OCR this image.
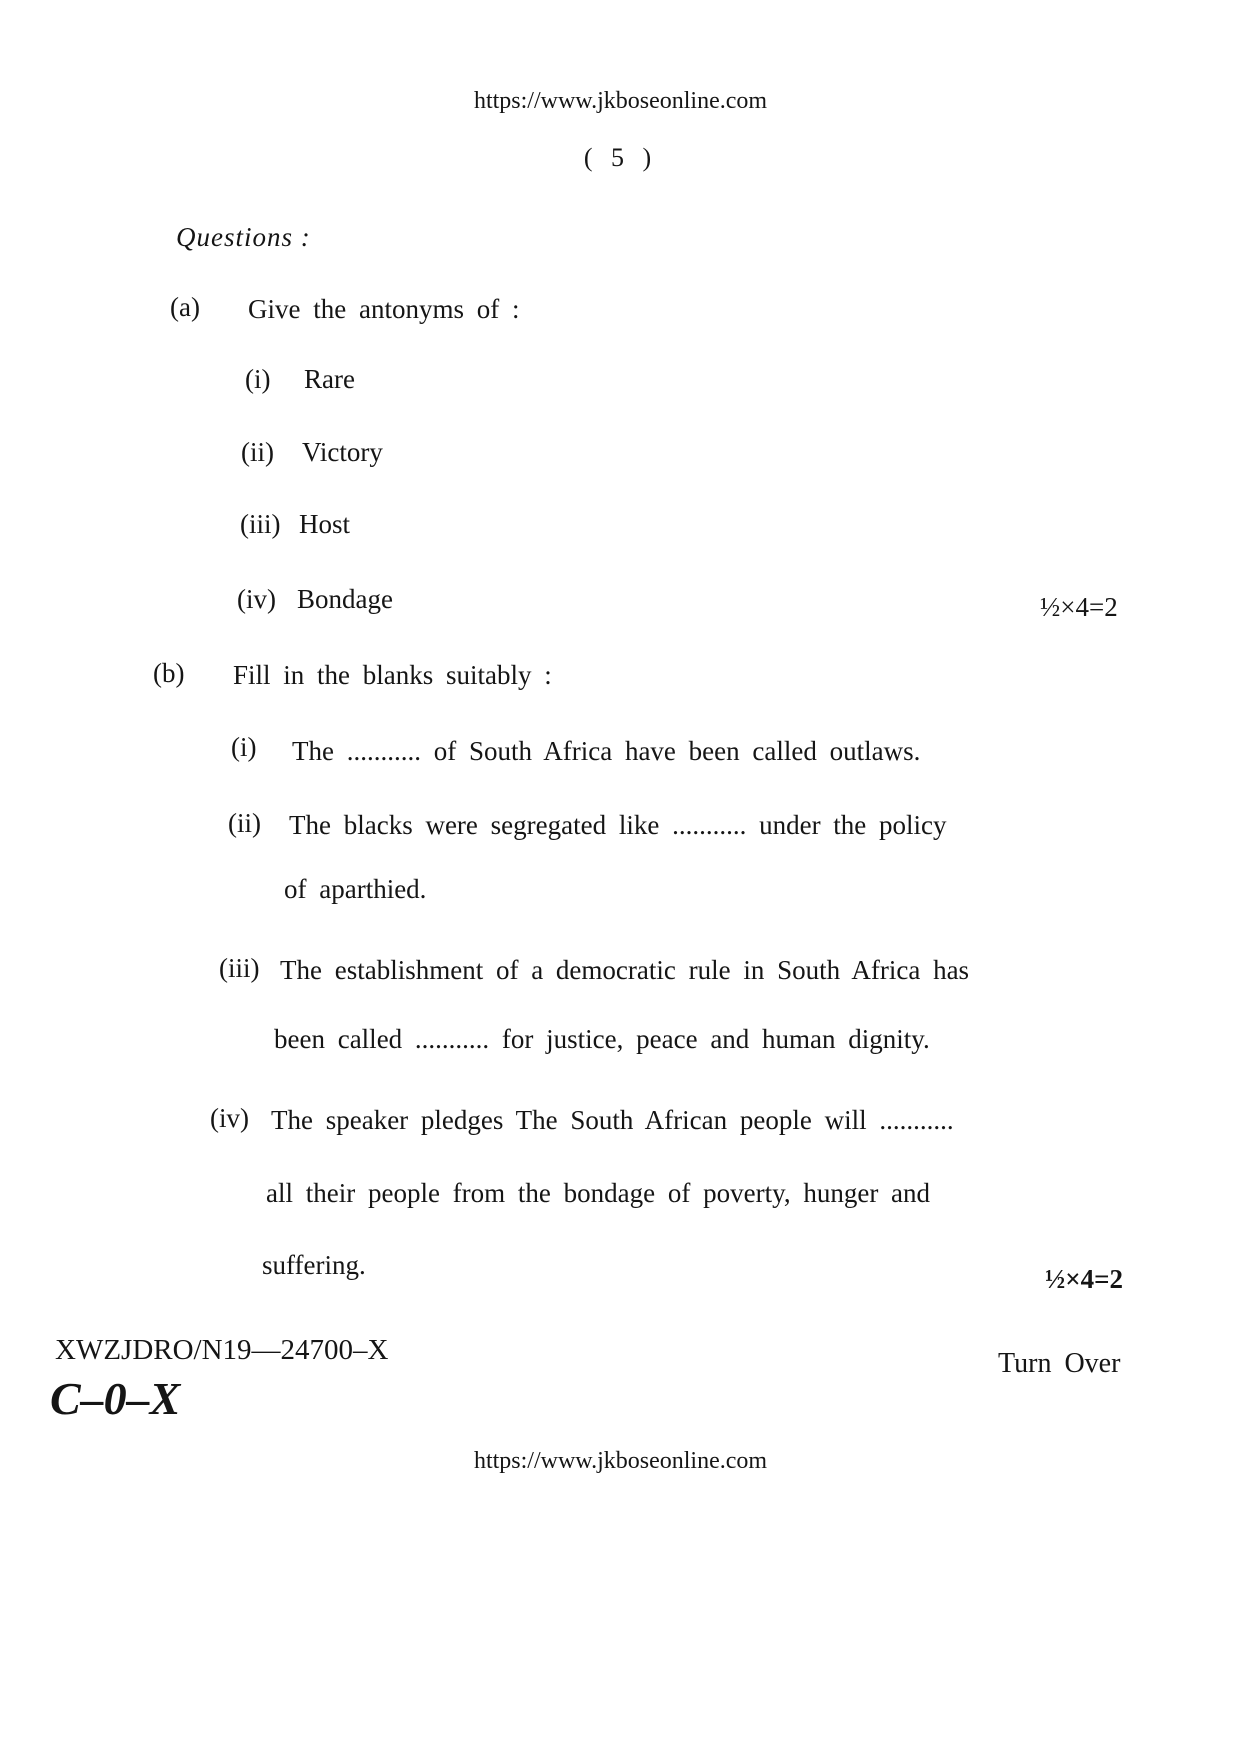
https://www.jkboseonline.com
( 5 )
Questions :
(a) Give the antonyms of :
(i) Rare
(ii) Victory
(iii) Host
(iv) Bondage	½×4=2
(b) Fill in the blanks suitably :
(i) The ........... of South Africa have been called outlaws.
(ii) The blacks were segregated like ........... under the policy
of aparthied.
(iii) The establishment of a democratic rule in South Africa has
been called ........... for justice, peace and human dignity.
(iv) The speaker pledges The South African people will ...........
all their people from the bondage of poverty, hunger and
suffering.	½×4=2
XWZJDRO/N19—24700–X
C–0–X
Turn Over
https://www.jkboseonline.com
